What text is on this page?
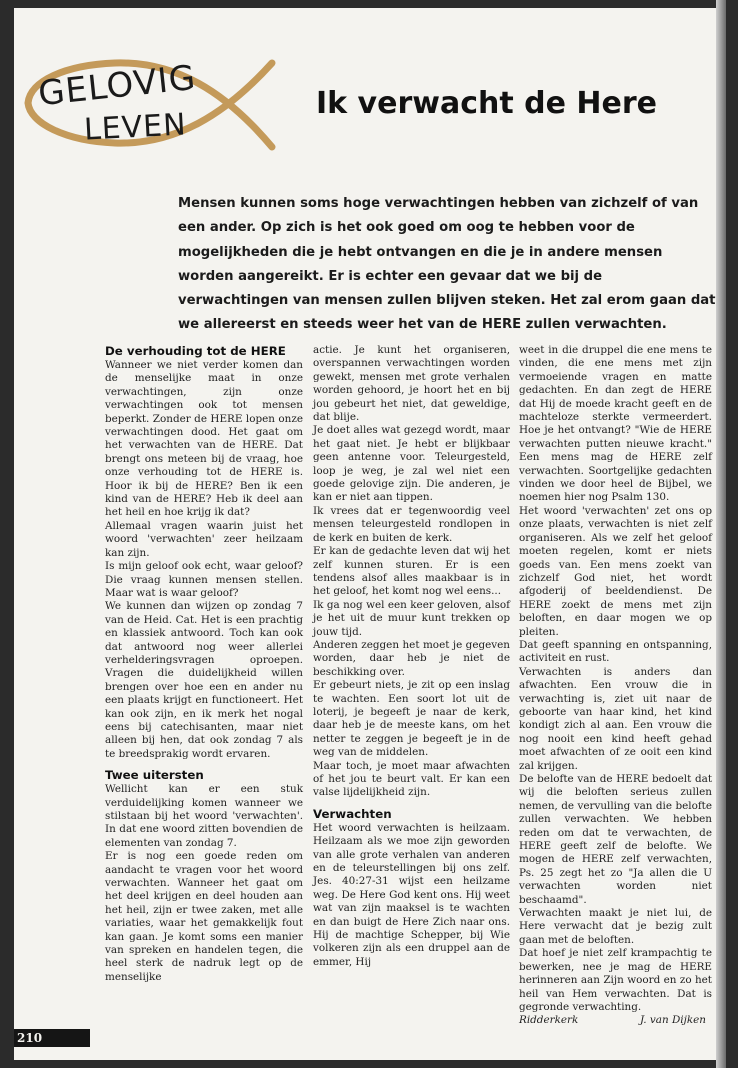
GELOVIG
LEVEN
Ik verwacht de Here

Mensen kunnen soms hoge verwachtingen hebben van zichzelf of van een ander. Op zich is het ook goed om oog te hebben voor de mogelijkheden die je hebt ontvangen en die je in andere mensen worden aangereikt. Er is echter een gevaar dat we bij de verwachtingen van mensen zullen blijven steken. Het zal erom gaan dat we allereerst en steeds weer het van de HERE zullen verwachten.

De verhouding tot de HERE

Wanneer we niet verder komen dan de menselijke maat in onze verwachtingen, zijn onze verwachtingen ook tot mensen beperkt. Zonder de HERE lopen onze verwachtingen dood. Het gaat om het verwachten van de HERE. Dat brengt ons meteen bij de vraag, hoe onze verhouding tot de HERE is. Hoor ik bij de HERE? Ben ik een kind van de HERE? Heb ik deel aan het heil en hoe krijg ik dat?

Allemaal vragen waarin juist het woord 'verwachten' zeer heilzaam kan zijn.

Is mijn geloof ook echt, waar geloof? Die vraag kunnen mensen stellen. Maar wat is waar geloof?

We kunnen dan wijzen op zondag 7 van de Heid. Cat. Het is een prachtig en klassiek antwoord. Toch kan ook dat antwoord nog weer allerlei verhelderingsvragen oproepen. Vragen die duidelijkheid willen brengen over hoe een en ander nu een plaats krijgt en functioneert. Het kan ook zijn, en ik merk het nogal eens bij catechisanten, maar niet alleen bij hen, dat ook zondag 7 als te breedsprakig wordt ervaren.

Twee uitersten

Wellicht kan er een stuk verduidelijking komen wanneer we stilstaan bij het woord 'verwachten'. In dat ene woord zitten bovendien de elementen van zondag 7.

Er is nog een goede reden om aandacht te vragen voor het woord verwachten. Wanneer het gaat om het deel krijgen en deel houden aan het heil, zijn er twee zaken, met alle variaties, waar het gemakkelijk fout kan gaan. Je komt soms een manier van spreken en handelen tegen, die heel sterk de nadruk legt op de menselijke

actie. Je kunt het organiseren, overspannen verwachtingen worden gewekt, mensen met grote verhalen worden gehoord, je hoort het en bij jou gebeurt het niet, dat geweldige, dat blije.

Je doet alles wat gezegd wordt, maar het gaat niet. Je hebt er blijkbaar geen antenne voor. Teleurgesteld, loop je weg, je zal wel niet een goede gelovige zijn. Die anderen, je kan er niet aan tippen.

Ik vrees dat er tegenwoordig veel mensen teleurgesteld rondlopen in de kerk en buiten de kerk.

Er kan de gedachte leven dat wij het zelf kunnen sturen. Er is een tendens alsof alles maakbaar is in het geloof, het komt nog wel eens...

Ik ga nog wel een keer geloven, alsof je het uit de muur kunt trekken op jouw tijd.

Anderen zeggen het moet je gegeven worden, daar heb je niet de beschikking over.

Er gebeurt niets, je zit op een inslag te wachten. Een soort lot uit de loterij, je begeeft je naar de kerk, daar heb je de meeste kans, om het netter te zeggen je begeeft je in de weg van de middelen.

Maar toch, je moet maar afwachten of het jou te beurt valt. Er kan een valse lijdelijkheid zijn.

Verwachten

Het woord verwachten is heilzaam. Heilzaam als we moe zijn geworden van alle grote verhalen van anderen en de teleurstellingen bij ons zelf. Jes. 40:27-31 wijst een heilzame weg. De Here God kent ons. Hij weet wat van zijn maaksel is te wachten en dan buigt de Here Zich naar ons. Hij de machtige Schepper, bij Wie volkeren zijn als een druppel aan de emmer, Hij

weet in die druppel die ene mens te vinden, die ene mens met zijn vermoeiende vragen en matte gedachten. En dan zegt de HERE dat Hij de moede kracht geeft en de machteloze sterkte vermeerdert. Hoe je het ontvangt? "Wie de HERE verwachten putten nieuwe kracht." Een mens mag de HERE zelf verwachten. Soortgelijke gedachten vinden we door heel de Bijbel, we noemen hier nog Psalm 130.

Het woord 'verwachten' zet ons op onze plaats, verwachten is niet zelf organiseren. Als we zelf het geloof moeten regelen, komt er niets goeds van. Een mens zoekt van zichzelf God niet, het wordt afgoderij of beeldendienst. De HERE zoekt de mens met zijn beloften, en daar mogen we op pleiten.

Dat geeft spanning en ontspanning, activiteit en rust.

Verwachten is anders dan afwachten. Een vrouw die in verwachting is, ziet uit naar de geboorte van haar kind, het kind kondigt zich al aan. Een vrouw die nog nooit een kind heeft gehad moet afwachten of ze ooit een kind zal krijgen.

De belofte van de HERE bedoelt dat wij die beloften serieus zullen nemen, de vervulling van die belofte zullen verwachten. We hebben reden om dat te verwachten, de HERE geeft zelf de belofte. We mogen de HERE zelf verwachten, Ps. 25 zegt het zo "Ja allen die U verwachten worden niet beschaamd".

Verwachten maakt je niet lui, de Here verwacht dat je bezig zult gaan met de beloften.

Dat hoef je niet zelf krampachtig te bewerken, nee je mag de HERE herinneren aan Zijn woord en zo het heil van Hem verwachten. Dat is gegronde verwachting.

Ridderkerk	J. van Dijken
210
